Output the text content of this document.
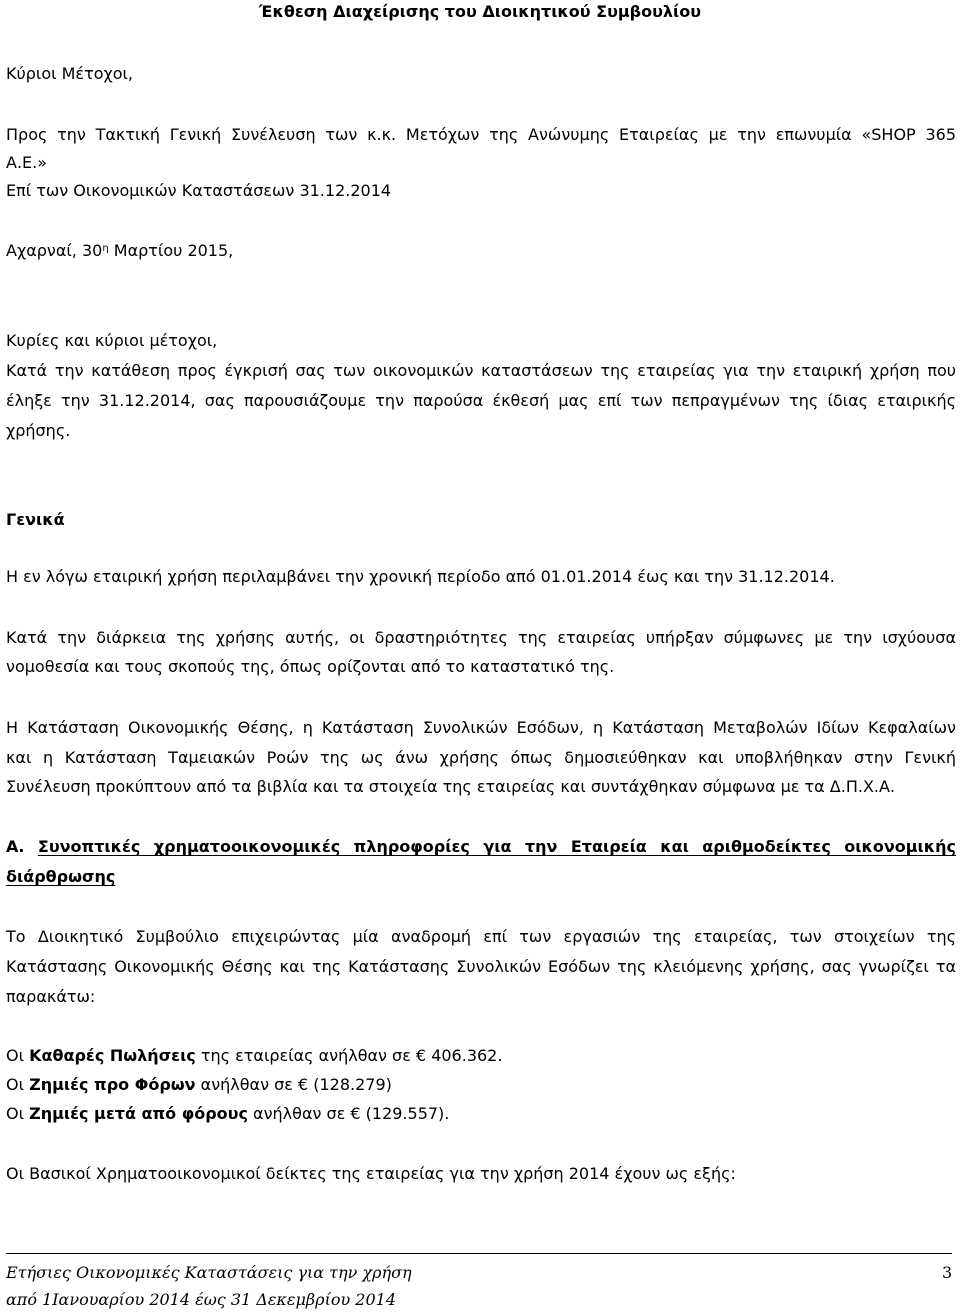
Έκθεση Διαχείρισης του Διοικητικού Συμβουλίου
Κύριοι Μέτοχοι,
Προς την Τακτική Γενική Συνέλευση των κ.κ. Μετόχων της Ανώνυμης Εταιρείας με την επωνυμία «SHOP 365
Α.Ε.»
Επί των Οικονομικών Καταστάσεων 31.12.2014
Αχαρναί, $30^\eta$ Μαρτίου 2015,
Κυρίες και κύριοι μέτοχοι,
Κατά την κατάθεση προς έγκρισή σας των οικονομικών καταστάσεων της εταιρείας για την εταιρική χρήση που
έληξε την 31.12.2014, σας παρουσιάζουμε την παρούσα έκθεσή μας επί των πεπραγμένων της ίδιας εταιρικής
χρήσης.
Γενικά
Η εν λόγω εταιρική χρήση περιλαμβάνει την χρονική περίοδο από 01.01.2014 έως και την 31.12.2014.
Κατά την διάρκεια της χρήσης αυτής, οι δραστηριότητες της εταιρείας υπήρξαν σύμφωνες με την ισχύουσα
νομοθεσία και τους σκοπούς της, όπως ορίζονται από το καταστατικό της.
Η Κατάσταση Οικονομικής Θέσης, η Κατάσταση Συνολικών Εσόδων, η Κατάσταση Μεταβολών Ιδίων Κεφαλαίων
και η Κατάσταση Ταμειακών Ροών της ως άνω χρήσης όπως δημοσιεύθηκαν και υποβλήθηκαν στην Γενική
Συνέλευση προκύπτουν από τα βιβλία και τα στοιχεία της εταιρείας και συντάχθηκαν σύμφωνα με τα Δ.Π.Χ.Α.
Α. Συνοπτικές χρηματοοικονομικές πληροφορίες για την Εταιρεία και αριθμοδείκτες οικονομικής
διάρθρωσης
Το Διοικητικό Συμβούλιο επιχειρώντας μία αναδρομή επί των εργασιών της εταιρείας, των στοιχείων της
Κατάστασης Οικονομικής Θέσης και της Κατάστασης Συνολικών Εσόδων της κλειόμενης χρήσης, σας γνωρίζει τα
παρακάτω:
Οι Καθαρές Πωλήσεις της εταιρείας ανήλθαν σε € 406.362.
Οι Ζημιές προ Φόρων ανήλθαν σε € (128.279)
Οι Ζημιές μετά από φόρους ανήλθαν σε € (129.557).
Οι Βασικοί Χρηματοοικονομικοί δείκτες της εταιρείας για την χρήση 2014 έχουν ως εξής:
Ετήσιες Οικονομικές Καταστάσεις για την χρήση	3
από 1Ιανουαρίου 2014 έως 31 Δεκεμβρίου 2014
